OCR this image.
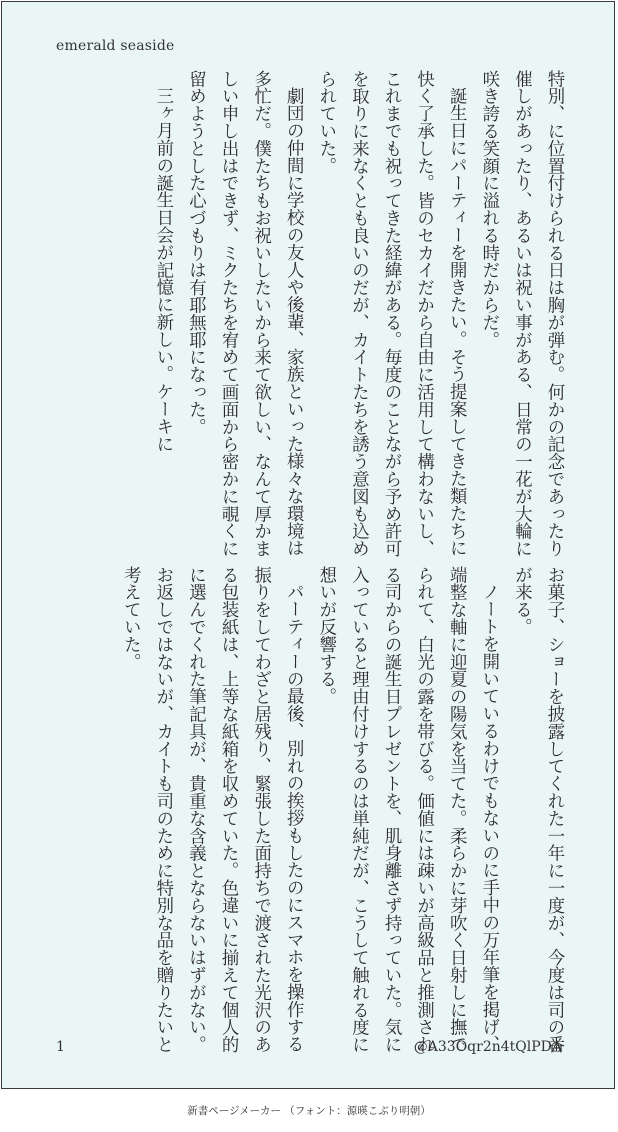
emerald seaside

特別、に位置付けられる日は胸が弾む。何かの記念であったり催しがあったり、あるいは祝い事がある、日常の一花が大輪に咲き誇る笑顔に溢れる時だからだ。

誕生日にパーティーを開きたい。そう提案してきた類たちに快く了承した。皆のセカイだから自由に活用して構わないし、これまでも祝ってきた経緯がある。毎度のことながら予め許可を取りに来なくとも良いのだが、カイトたちを誘う意図も込められていた。

劇団の仲間に学校の友人や後輩、家族といった様々な環境は多忙だ。僕たちもお祝いしたいから来て欲しい、なんて厚かましい申し出はできず、ミクたちを宥めて画面から密かに覗くに留めようとした心づもりは有耶無耶になった。

三ヶ月前の誕生日会が記憶に新しい。ケーキに

お菓子、ショーを披露してくれた一年に一度が、今度は司の番が来る。

ノートを開いているわけでもないのに手中の万年筆を掲げ、端整な軸に迎夏の陽気を当てた。柔らかに芽吹く日射しに撫でられて、白光の露を帯びる。価値には疎いが高級品と推測される司からの誕生日プレゼントを、肌身離さず持っていた。気に入っていると理由付けするのは単純だが、こうして触れる度に想いが反響する。

パーティーの最後、別れの挨拶もしたのにスマホを操作する振りをしてわざと居残り、緊張した面持ちで渡された光沢のある包装紙は、上等な紙箱を収めていた。色違いに揃えて個人的に選んでくれた筆記具が、貴重な含義とならないはずがない。お返しではないが、カイトも司のために特別な品を贈りたいと考えていた。

1	@A33Oqr2n4tQlPDA
新書ページメーカー （フォント：源暎こぶり明朝）
